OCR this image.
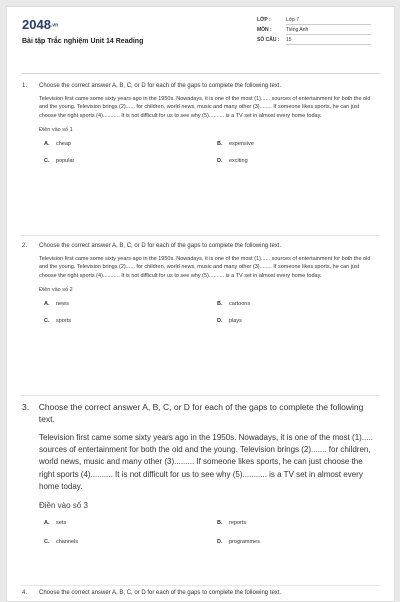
2048.vn
Bài tập Trắc nghiệm Unit 14 Reading
LỚP :	Lớp 7
MÔN :	Tiếng Anh
SỐ CÂU :	15
1.	Choose the correct answer A, B, C, or D for each of the gaps to complete the following text.
Television first came some sixty years ago in the 1950s. Nowadays, it is one of the most (1)...... sources of entertainment for both the old and the young. Television brings (2)...... for children, world news, music and many other (3)........ If someone likes sports, he can just choose the right sports (4)........... It is not difficult for us to see why (5).......... is a TV set in almost every home today.
Điền vào số 1
A. cheap	B. expensive
C. popular	D. exciting
2.	Choose the correct answer A, B, C, or D for each of the gaps to complete the following text.
Television first came some sixty years ago in the 1950s. Nowadays, it is one of the most (1)...... sources of entertainment for both the old and the young. Television brings (2)...... for children, world news, music and many other (3)........ If someone likes sports, he can just choose the right sports (4)........... It is not difficult for us to see why (5).......... is a TV set in almost every home today.
Điền vào số 2
A. news	B. cartoons
C. sports	D. plays
3.	Choose the correct answer A, B, C, or D for each of the gaps to complete the following text.
Television first came some sixty years ago in the 1950s. Nowadays, it is one of the most (1)..... sources of entertainment for both the old and the young. Television brings (2)....... for children, world news, music and many other (3)......... If someone likes sports, he can just choose the right sports (4).......... It is not difficult for us to see why (5)........... is a TV set in almost every home today.
Điền vào số 3
A. sets	B. reports
C. channels	D. programmes
4.	Choose the correct answer A, B, C, or D for each of the gaps to complete the following text.
